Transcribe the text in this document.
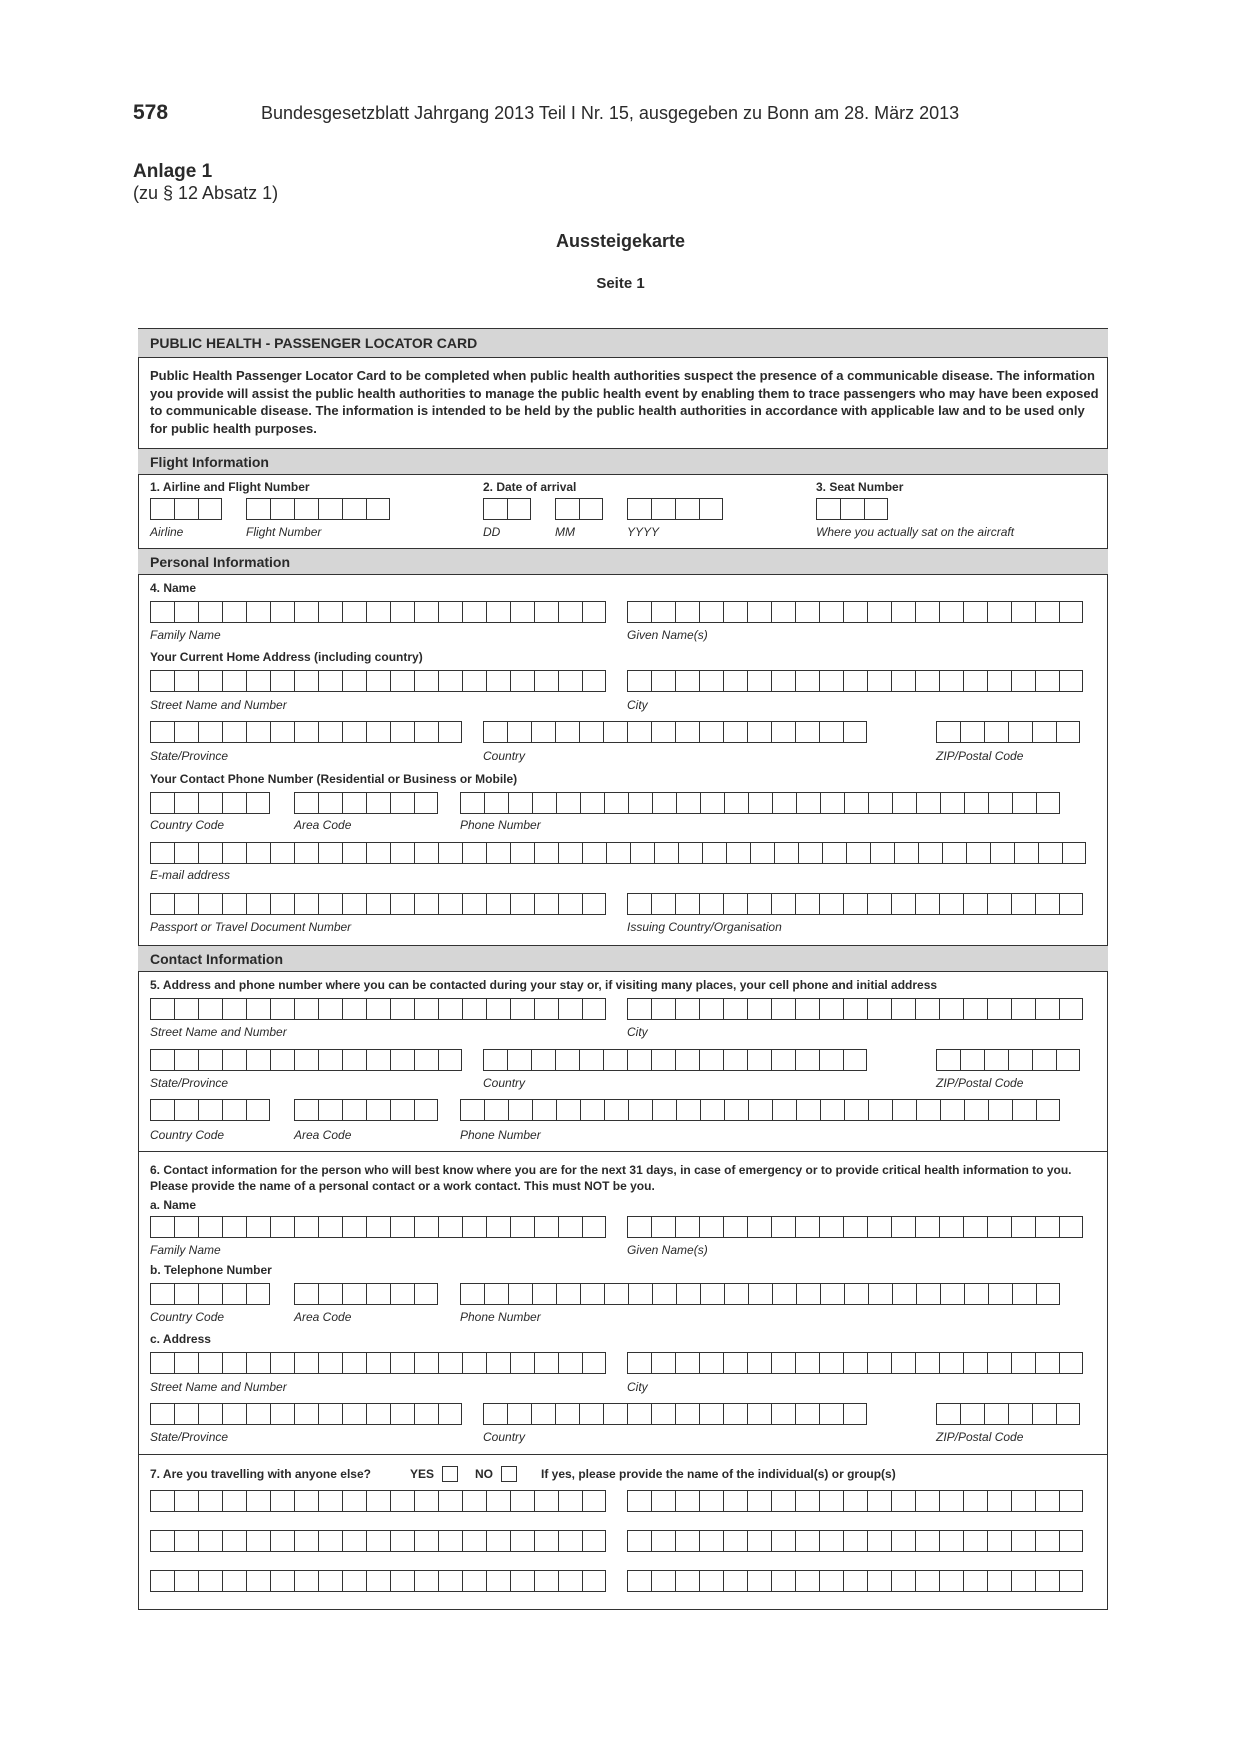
578	Bundesgesetzblatt Jahrgang 2013 Teil I Nr. 15, ausgegeben zu Bonn am 28. März 2013
Anlage 1
(zu § 12 Absatz 1)
Aussteigekarte
Seite 1
PUBLIC HEALTH - PASSENGER LOCATOR CARD
Public Health Passenger Locator Card to be completed when public health authorities suspect the presence of a communicable disease. The information you provide will assist the public health authorities to manage the public health event by enabling them to trace passengers who may have been exposed to communicable disease. The information is intended to be held by the public health authorities in accordance with applicable law and to be used only for public health purposes.
Flight Information
1. Airline and Flight Number	2. Date of arrival	3. Seat Number
Airline	Flight Number	DD	MM	YYYY	Where you actually sat on the aircraft
Personal Information
4. Name
Family Name	Given Name(s)
Your Current Home Address (including country)
Street Name and Number	City
State/Province	Country	ZIP/Postal Code
Your Contact Phone Number (Residential or Business or Mobile)
Country Code	Area Code	Phone Number
E-mail address
Passport or Travel Document Number	Issuing Country/Organisation
Contact Information
5. Address and phone number where you can be contacted during your stay or, if visiting many places, your cell phone and initial address
Street Name and Number	City
State/Province	Country	ZIP/Postal Code
Country Code	Area Code	Phone Number
6. Contact information for the person who will best know where you are for the next 31 days, in case of emergency or to provide critical health information to you. Please provide the name of a personal contact or a work contact. This must NOT be you.
a. Name
Family Name	Given Name(s)
b. Telephone Number
Country Code	Area Code	Phone Number
c. Address
Street Name and Number	City
State/Province	Country	ZIP/Postal Code
7. Are you travelling with anyone else?	YES	NO	If yes, please provide the name of the individual(s) or group(s)
